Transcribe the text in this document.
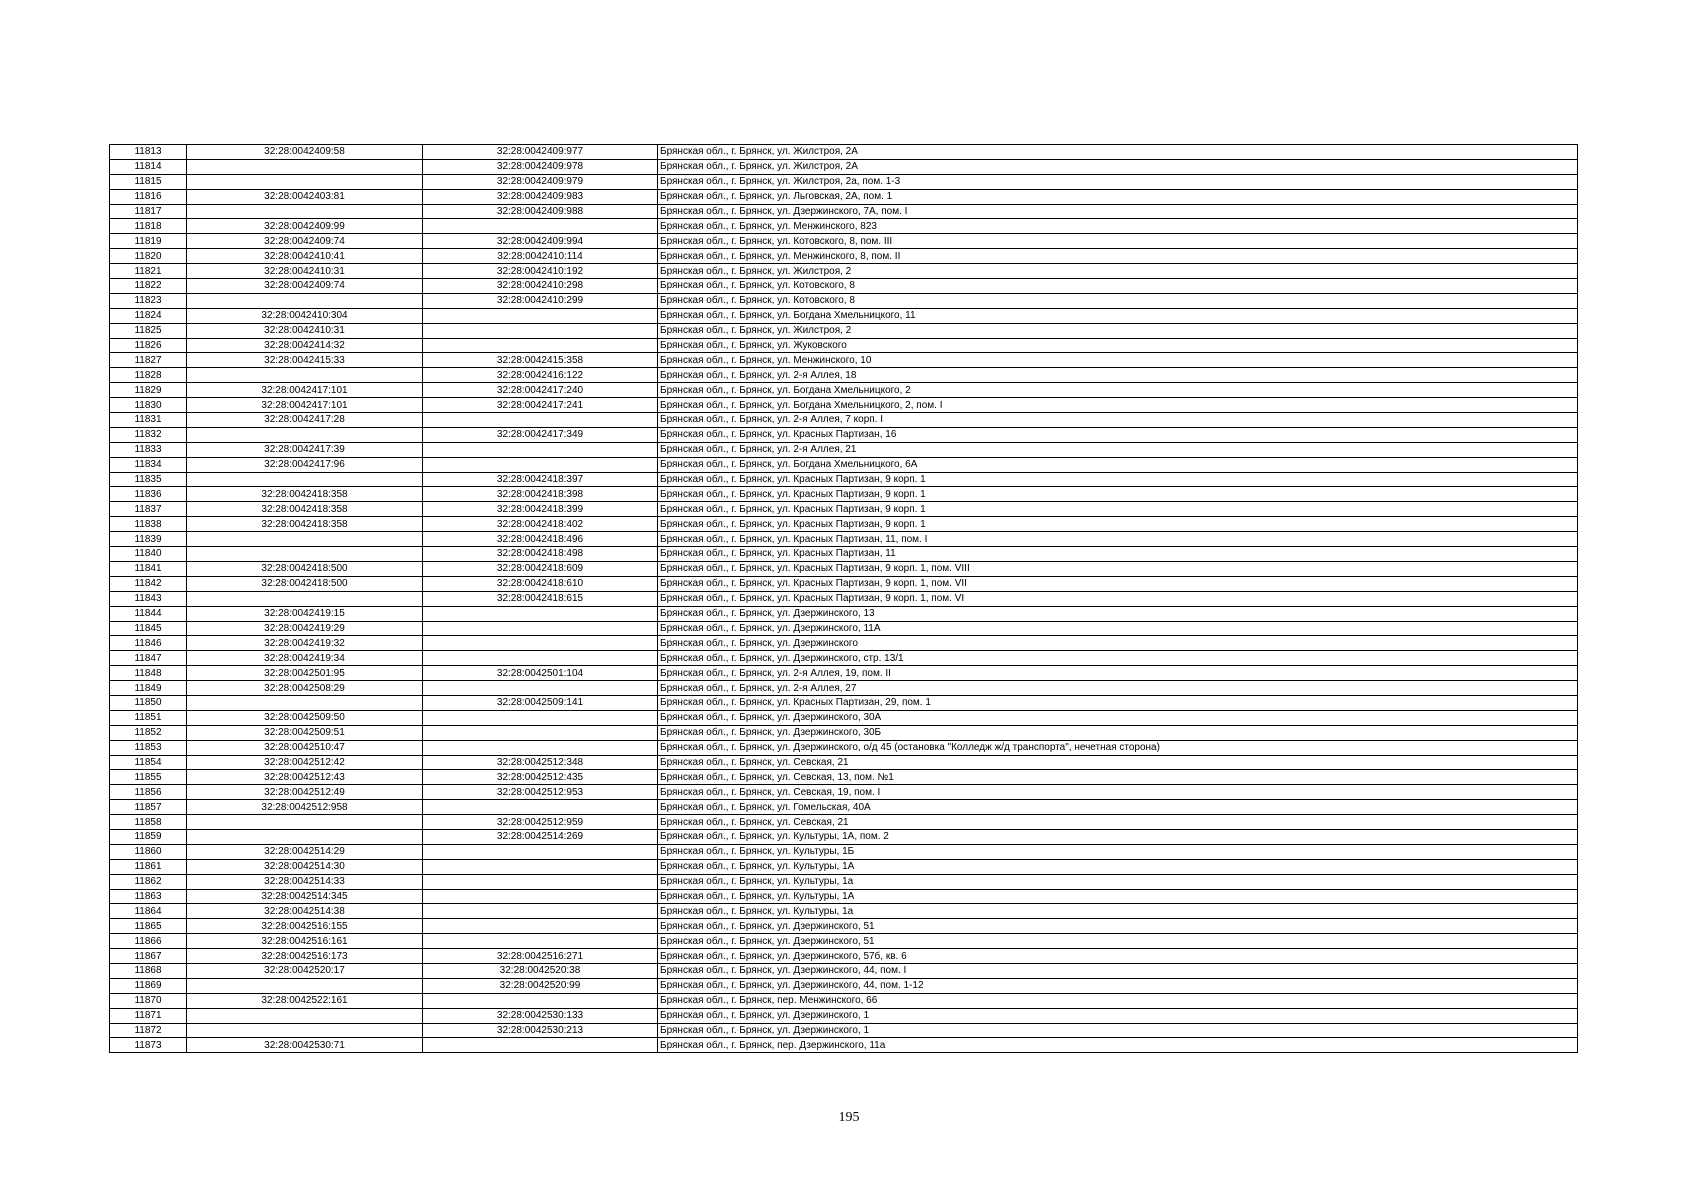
11813	32:28:0042409:58	32:28:0042409:977	Брянская обл., г. Брянск, ул. Жилстроя, 2А
11814		32:28:0042409:978	Брянская обл., г. Брянск, ул. Жилстроя, 2А
11815		32:28:0042409:979	Брянская обл., г. Брянск, ул. Жилстроя, 2а, пом. 1-3
11816	32:28:0042403:81	32:28:0042409:983	Брянская обл., г. Брянск, ул. Льговская, 2А, пом. 1
11817		32:28:0042409:988	Брянская обл., г. Брянск, ул. Дзержинского, 7А, пом. I
11818	32:28:0042409:99		Брянская обл., г. Брянск, ул. Менжинского, 823
11819	32:28:0042409:74	32:28:0042409:994	Брянская обл., г. Брянск, ул. Котовского, 8, пом. III
11820	32:28:0042410:41	32:28:0042410:114	Брянская обл., г. Брянск, ул. Менжинского, 8, пом. II
11821	32:28:0042410:31	32:28:0042410:192	Брянская обл., г. Брянск, ул. Жилстроя, 2
11822	32:28:0042409:74	32:28:0042410:298	Брянская обл., г. Брянск, ул. Котовского, 8
11823		32:28:0042410:299	Брянская обл., г. Брянск, ул. Котовского, 8
11824	32:28:0042410:304		Брянская обл., г. Брянск, ул. Богдана Хмельницкого, 11
11825	32:28:0042410:31		Брянская обл., г. Брянск, ул. Жилстроя, 2
11826	32:28:0042414:32		Брянская обл., г. Брянск, ул. Жуковского
11827	32:28:0042415:33	32:28:0042415:358	Брянская обл., г. Брянск, ул. Менжинского, 10
11828		32:28:0042416:122	Брянская обл., г. Брянск, ул. 2-я Аллея, 18
11829	32:28:0042417:101	32:28:0042417:240	Брянская обл., г. Брянск, ул. Богдана Хмельницкого, 2
11830	32:28:0042417:101	32:28:0042417:241	Брянская обл., г. Брянск, ул. Богдана Хмельницкого, 2, пом. I
11831	32:28:0042417:28		Брянская обл., г. Брянск, ул. 2-я Аллея, 7 корп. I
11832		32:28:0042417:349	Брянская обл., г. Брянск, ул. Красных Партизан, 16
11833	32:28:0042417:39		Брянская обл., г. Брянск, ул. 2-я Аллея, 21
11834	32:28:0042417:96		Брянская обл., г. Брянск, ул. Богдана Хмельницкого, 6А
11835		32:28:0042418:397	Брянская обл., г. Брянск, ул. Красных Партизан, 9 корп. 1
11836	32:28:0042418:358	32:28:0042418:398	Брянская обл., г. Брянск, ул. Красных Партизан, 9 корп. 1
11837	32:28:0042418:358	32:28:0042418:399	Брянская обл., г. Брянск, ул. Красных Партизан, 9 корп. 1
11838	32:28:0042418:358	32:28:0042418:402	Брянская обл., г. Брянск, ул. Красных Партизан, 9 корп. 1
11839		32:28:0042418:496	Брянская обл., г. Брянск, ул. Красных Партизан, 11, пом. I
11840		32:28:0042418:498	Брянская обл., г. Брянск, ул. Красных Партизан, 11
11841	32:28:0042418:500	32:28:0042418:609	Брянская обл., г. Брянск, ул. Красных Партизан, 9 корп. 1, пом. VIII
11842	32:28:0042418:500	32:28:0042418:610	Брянская обл., г. Брянск, ул. Красных Партизан, 9 корп. 1, пом. VII
11843		32:28:0042418:615	Брянская обл., г. Брянск, ул. Красных Партизан, 9 корп. 1, пом. VI
11844	32:28:0042419:15		Брянская обл., г. Брянск, ул. Дзержинского, 13
11845	32:28:0042419:29		Брянская обл., г. Брянск, ул. Дзержинского, 11А
11846	32:28:0042419:32		Брянская обл., г. Брянск, ул. Дзержинского
11847	32:28:0042419:34		Брянская обл., г. Брянск, ул. Дзержинского, стр. 13/1
11848	32:28:0042501:95	32:28:0042501:104	Брянская обл., г. Брянск, ул. 2-я Аллея, 19, пом. II
11849	32:28:0042508:29		Брянская обл., г. Брянск, ул. 2-я Аллея, 27
11850		32:28:0042509:141	Брянская обл., г. Брянск, ул. Красных Партизан, 29, пом. 1
11851	32:28:0042509:50		Брянская обл., г. Брянск, ул. Дзержинского, 30А
11852	32:28:0042509:51		Брянская обл., г. Брянск, ул. Дзержинского, 30Б
11853	32:28:0042510:47		Брянская обл., г. Брянск, ул. Дзержинского, о/д 45 (остановка "Колледж ж/д транспорта", нечетная сторона)
11854	32:28:0042512:42	32:28:0042512:348	Брянская обл., г. Брянск, ул. Севская, 21
11855	32:28:0042512:43	32:28:0042512:435	Брянская обл., г. Брянск, ул. Севская, 13, пом. №1
11856	32:28:0042512:49	32:28:0042512:953	Брянская обл., г. Брянск, ул. Севская, 19, пом. I
11857	32:28:0042512:958		Брянская обл., г. Брянск, ул. Гомельская, 40А
11858		32:28:0042512:959	Брянская обл., г. Брянск, ул. Севская, 21
11859		32:28:0042514:269	Брянская обл., г. Брянск, ул. Культуры, 1А, пом. 2
11860	32:28:0042514:29		Брянская обл., г. Брянск, ул. Культуры, 1Б
11861	32:28:0042514:30		Брянская обл., г. Брянск, ул. Культуры, 1А
11862	32:28:0042514:33		Брянская обл., г. Брянск, ул. Культуры, 1а
11863	32:28:0042514:345		Брянская обл., г. Брянск, ул. Культуры, 1А
11864	32:28:0042514:38		Брянская обл., г. Брянск, ул. Культуры, 1а
11865	32:28:0042516:155		Брянская обл., г. Брянск, ул. Дзержинского, 51
11866	32:28:0042516:161		Брянская обл., г. Брянск, ул. Дзержинского, 51
11867	32:28:0042516:173	32:28:0042516:271	Брянская обл., г. Брянск, ул. Дзержинского, 57б, кв. 6
11868	32:28:0042520:17	32:28:0042520:38	Брянская обл., г. Брянск, ул. Дзержинского, 44, пом. I
11869		32:28:0042520:99	Брянская обл., г. Брянск, ул. Дзержинского, 44, пом. 1-12
11870	32:28:0042522:161		Брянская обл., г. Брянск, пер. Менжинского, 66
11871		32:28:0042530:133	Брянская обл., г. Брянск, ул. Дзержинского, 1
11872		32:28:0042530:213	Брянская обл., г. Брянск, ул. Дзержинского, 1
11873	32:28:0042530:71		Брянская обл., г. Брянск, пер. Дзержинского, 11а
195
